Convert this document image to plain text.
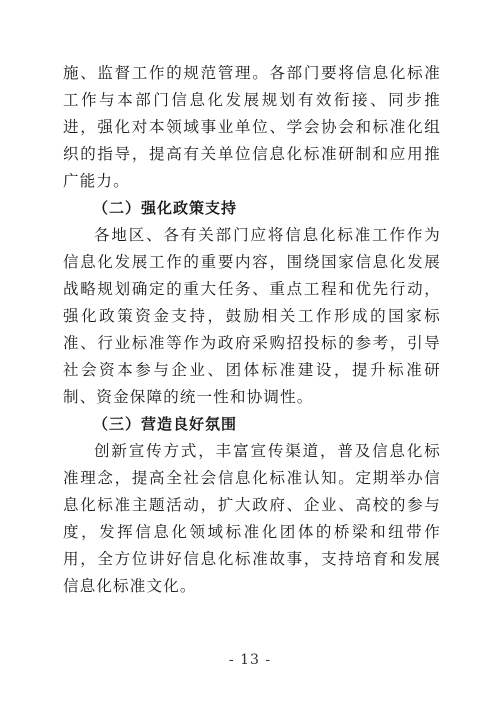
施、监督工作的规范管理。各部门要将信息化标准工作与本部门信息化发展规划有效衔接、同步推进，强化对本领域事业单位、学会协会和标准化组织的指导，提高有关单位信息化标准研制和应用推广能力。

（二）强化政策支持

各地区、各有关部门应将信息化标准工作作为信息化发展工作的重要内容，围绕国家信息化发展战略规划确定的重大任务、重点工程和优先行动，强化政策资金支持，鼓励相关工作形成的国家标准、行业标准等作为政府采购招投标的参考，引导社会资本参与企业、团体标准建设，提升标准研制、资金保障的统一性和协调性。

（三）营造良好氛围

创新宣传方式，丰富宣传渠道，普及信息化标准理念，提高全社会信息化标准认知。定期举办信息化标准主题活动，扩大政府、企业、高校的参与度，发挥信息化领域标准化团体的桥梁和纽带作用，全方位讲好信息化标准故事，支持培育和发展信息化标准文化。

- 13 -
